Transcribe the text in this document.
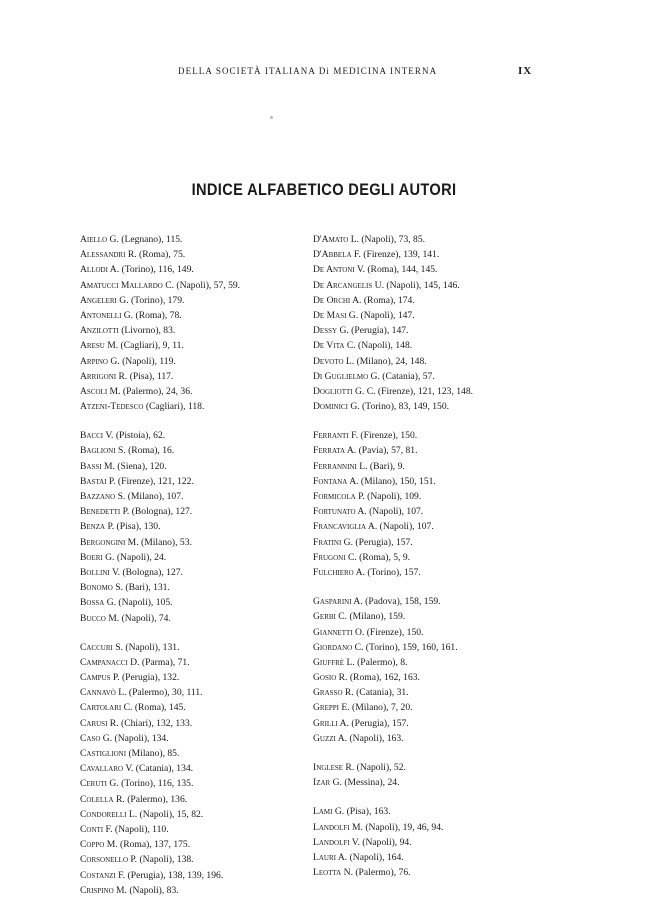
DELLA SOCIETÀ ITALIANA Di MEDICINA INTERNA	IX
INDICE ALFABETICO DEGLI AUTORI
Aiello G. (Legnano), 115.
Alessandri R. (Roma), 75.
Allodi A. (Torino), 116, 149.
Amatucci Mallardo C. (Napoli), 57, 59.
Angeleri G. (Torino), 179.
Antonelli G. (Roma), 78.
Anzilotti (Livorno), 83.
Aresu M. (Cagliari), 9, 11.
Arpino G. (Napoli), 119.
Arrigoni R. (Pisa), 117.
Ascoli M. (Palermo), 24, 36.
Atzeni-Tedesco (Cagliari), 118.
Bacci V. (Pistoia), 62.
Baglioni S. (Roma), 16.
Bassi M. (Siena), 120.
Bastai P. (Firenze), 121, 122.
Bazzano S. (Milano), 107.
Benedetti P. (Bologna), 127.
Benza P. (Pisa), 130.
Bergongini M. (Milano), 53.
Boeri G. (Napoli), 24.
Bollini V. (Bologna), 127.
Bonomo S. (Bari), 131.
Bossa G. (Napoli), 105.
Bucco M. (Napoli), 74.
Caccuri S. (Napoli), 131.
Campanacci D. (Parma), 71.
Campus P. (Perugia), 132.
Cannavò L. (Palermo), 30, 111.
Cartolari C. (Roma), 145.
Carusi R. (Chiari), 132, 133.
Caso G. (Napoli), 134.
Castiglioni (Milano), 85.
Cavallaro V. (Catania), 134.
Ceruti G. (Torino), 116, 135.
Colella R. (Palermo), 136.
Condorelli L. (Napoli), 15, 82.
Conti F. (Napoli), 110.
Coppo M. (Roma), 137, 175.
Corsonello P. (Napoli), 138.
Costanzi F. (Perugia), 138, 139, 196.
Crispino M. (Napoli), 83.
D'Amato L. (Napoli), 73, 85.
D'Abbela F. (Firenze), 139, 141.
De Antoni V. (Roma), 144, 145.
De Arcangelis U. (Napoli), 145, 146.
De Orchi A. (Roma), 174.
De Masi G. (Napoli), 147.
Dessy G. (Perugia), 147.
De Vita C. (Napoli), 148.
Devoto L. (Milano), 24, 148.
Di Guglielmo G. (Catania), 57.
Dogliotti G. C. (Firenze), 121, 123, 148.
Dominici G. (Torino), 83, 149, 150.
Ferranti F. (Firenze), 150.
Ferrata A. (Pavia), 57, 81.
Ferrannini L. (Bari), 9.
Fontana A. (Milano), 150, 151.
Formicola P. (Napoli), 109.
Fortunato A. (Napoli), 107.
Francaviglia A. (Napoli), 107.
Fratini G. (Perugia), 157.
Frugoni C. (Roma), 5, 9.
Fulchiero A. (Torino), 157.
Gasparini A. (Padova), 158, 159.
Gerbi C. (Milano), 159.
Giannetti O. (Firenze), 150.
Giordano C. (Torino), 159, 160, 161.
Giuffrè L. (Palermo), 8.
Gosio R. (Roma), 162, 163.
Grasso R. (Catania), 31.
Greppi E. (Milano), 7, 20.
Grilli A. (Perugia), 157.
Guzzi A. (Napoli), 163.
Inglese R. (Napoli), 52.
Izar G. (Messina), 24.
Lami G. (Pisa), 163.
Landolfi M. (Napoli), 19, 46, 94.
Landolfi V. (Napoli), 94.
Lauri A. (Napoli), 164.
Leotta N. (Palermo), 76.
